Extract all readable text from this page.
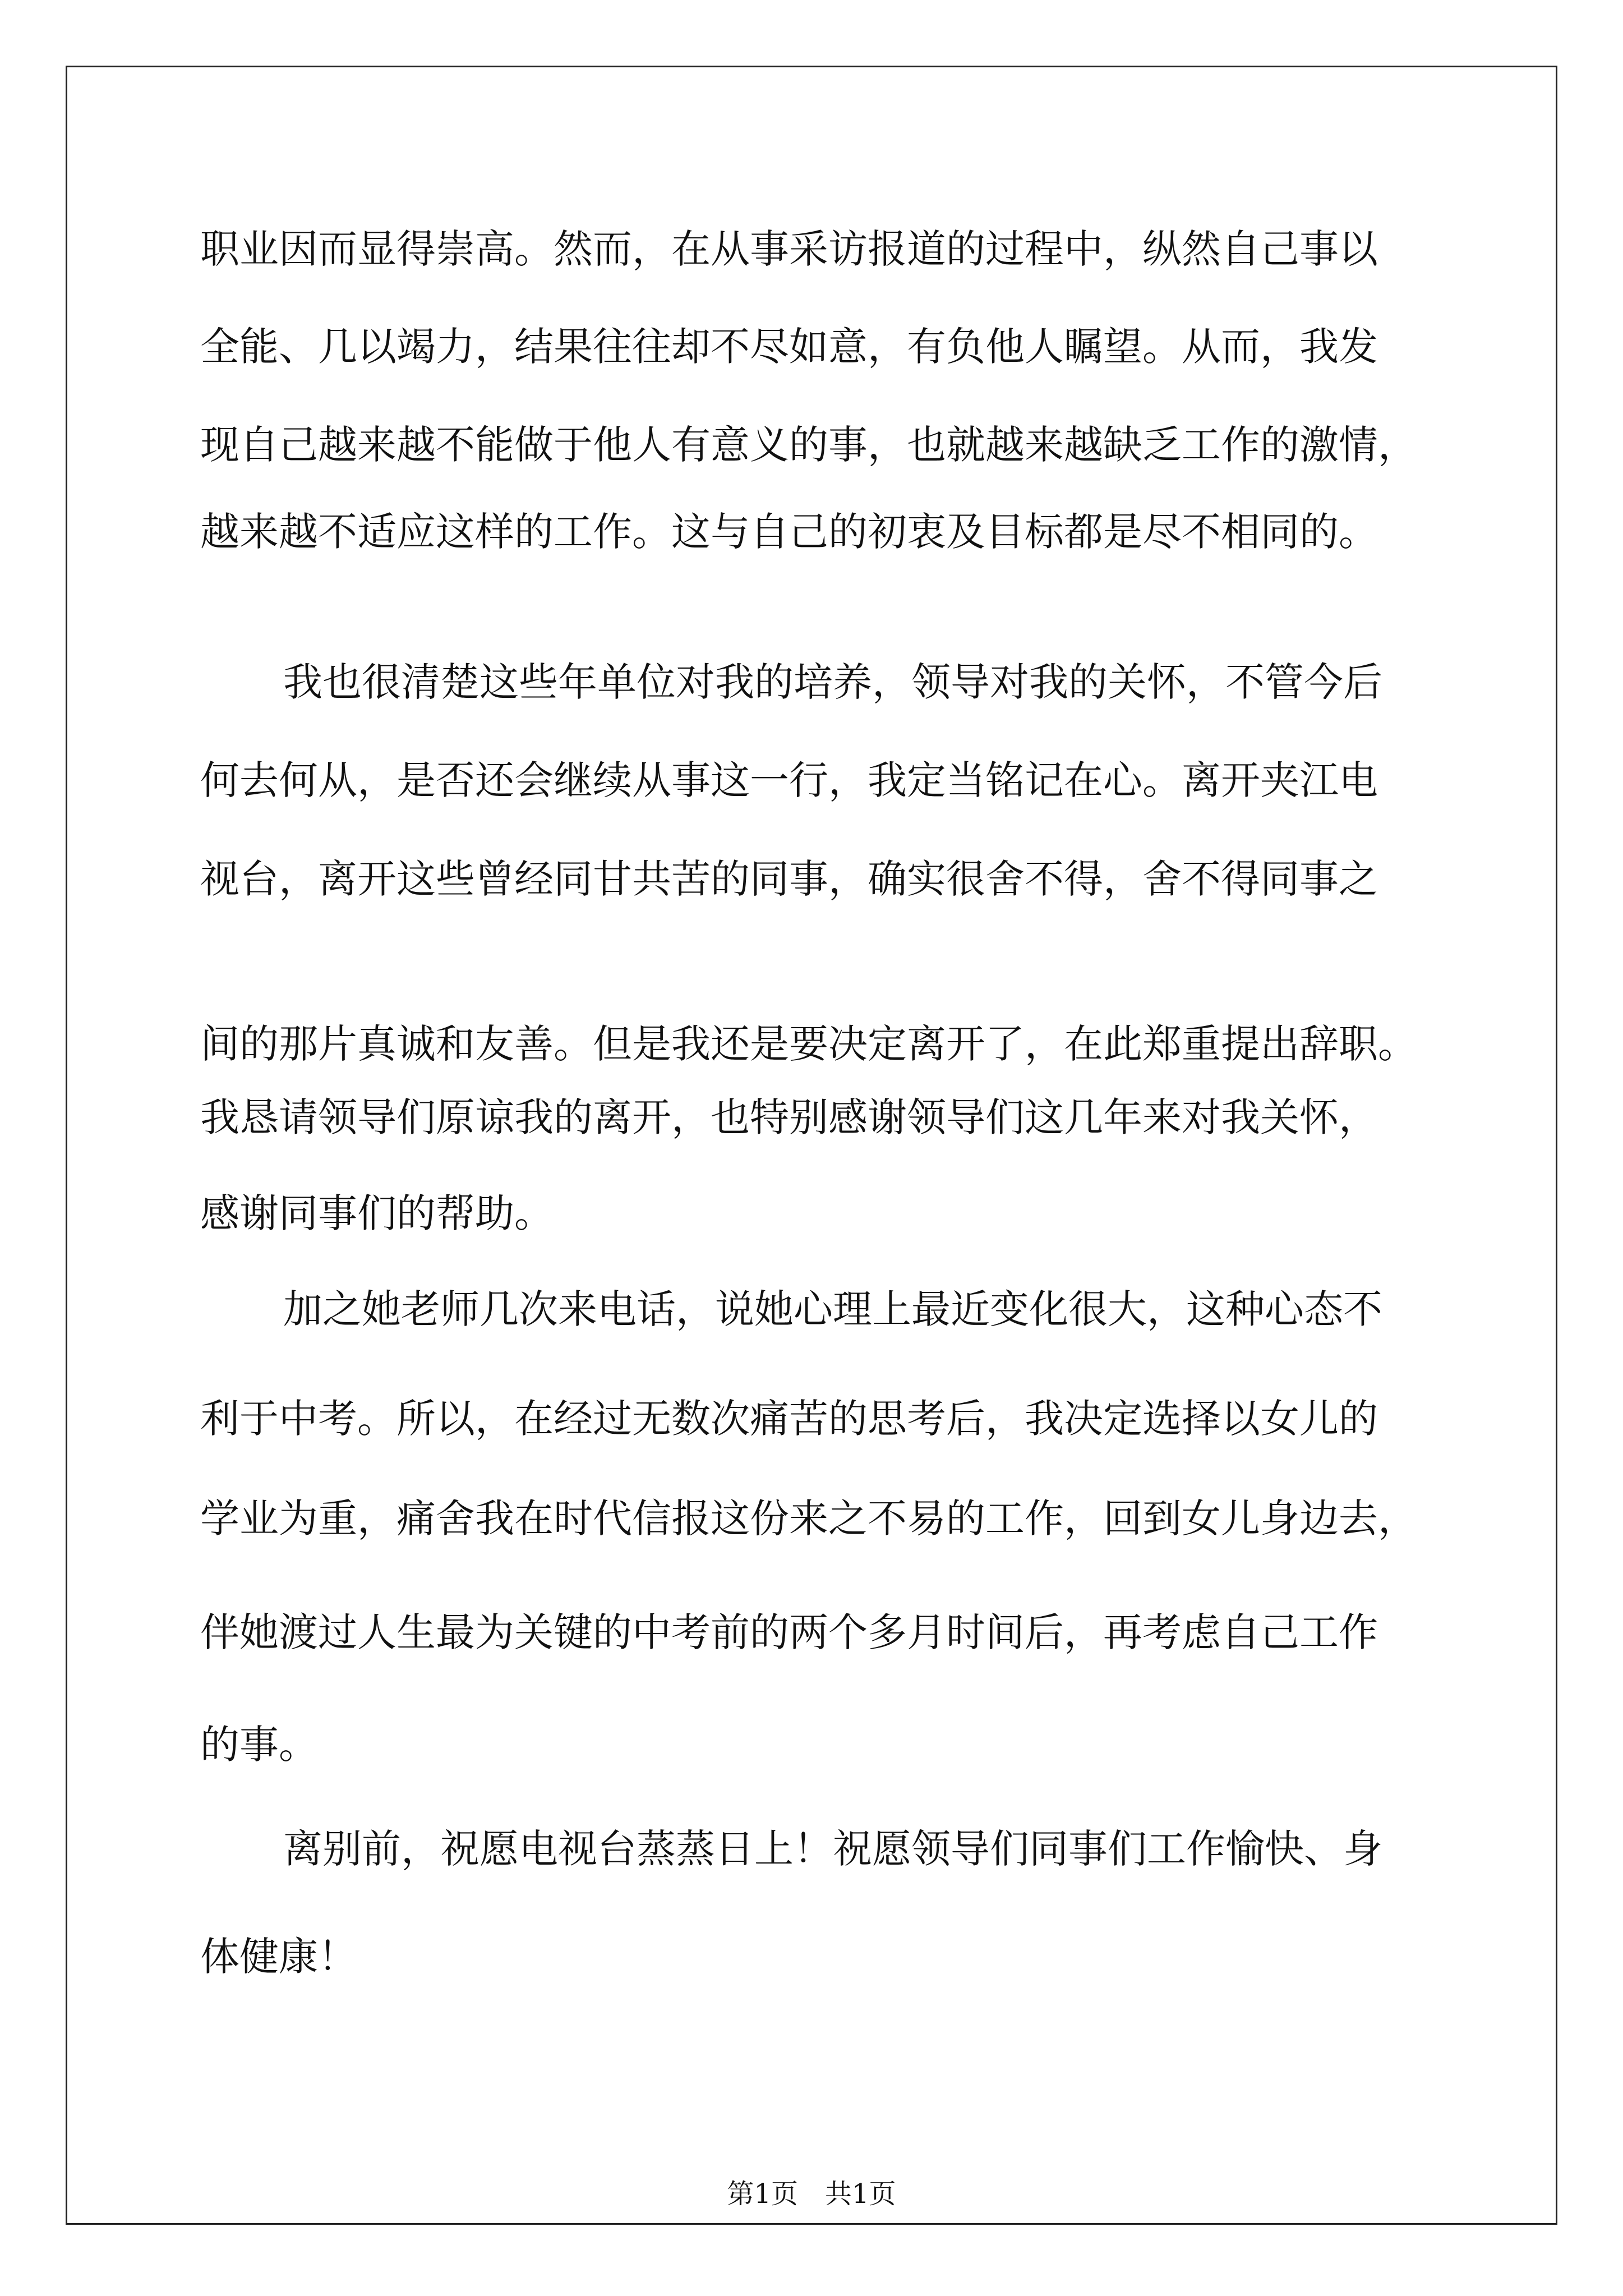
职业因而显得崇高。然而，在从事采访报道的过程中，纵然自己事以
全能、几以竭力，结果往往却不尽如意，有负他人瞩望。从而，我发
现自己越来越不能做于他人有意义的事，也就越来越缺乏工作的激情，
越来越不适应这样的工作。这与自己的初衷及目标都是尽不相同的。
我也很清楚这些年单位对我的培养，领导对我的关怀，不管今后
何去何从，是否还会继续从事这一行，我定当铭记在心。离开夹江电
视台，离开这些曾经同甘共苦的同事，确实很舍不得，舍不得同事之
间的那片真诚和友善。但是我还是要决定离开了，在此郑重提出辞职。
我恳请领导们原谅我的离开，也特别感谢领导们这几年来对我关怀，
感谢同事们的帮助。
加之她老师几次来电话，说她心理上最近变化很大，这种心态不
利于中考。所以，在经过无数次痛苦的思考后，我决定选择以女儿的
学业为重，痛舍我在时代信报这份来之不易的工作，回到女儿身边去，
伴她渡过人生最为关键的中考前的两个多月时间后，再考虑自己工作
的事。
离别前，祝愿电视台蒸蒸日上！祝愿领导们同事们工作愉快、身
体健康！
第1页　共1页
